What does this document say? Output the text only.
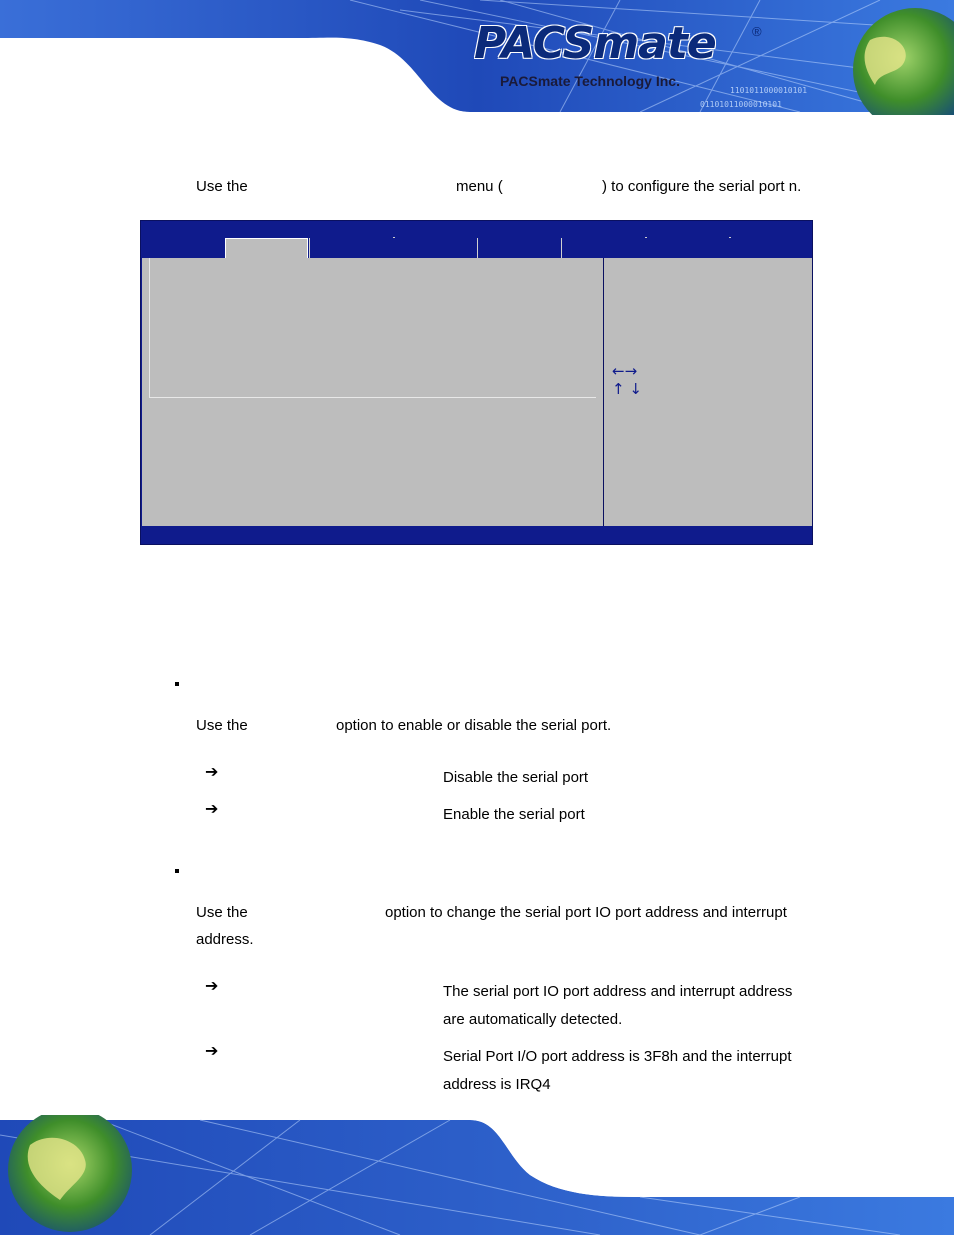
PACSmate	®
PACSmate Technology Inc.
1101011000010101
01101011000010101
Use the	menu (	) to configure the serial port n.
←→
↑ ↓
Use the	option to enable or disable the serial port.
➔	Disable the serial port
➔	Enable the serial port
Use the	option to change the serial port IO port address and interrupt
address.
➔	The serial port IO port address and interrupt address
are automatically detected.
➔	Serial Port I/O port address is 3F8h and the interrupt
address is IRQ4
